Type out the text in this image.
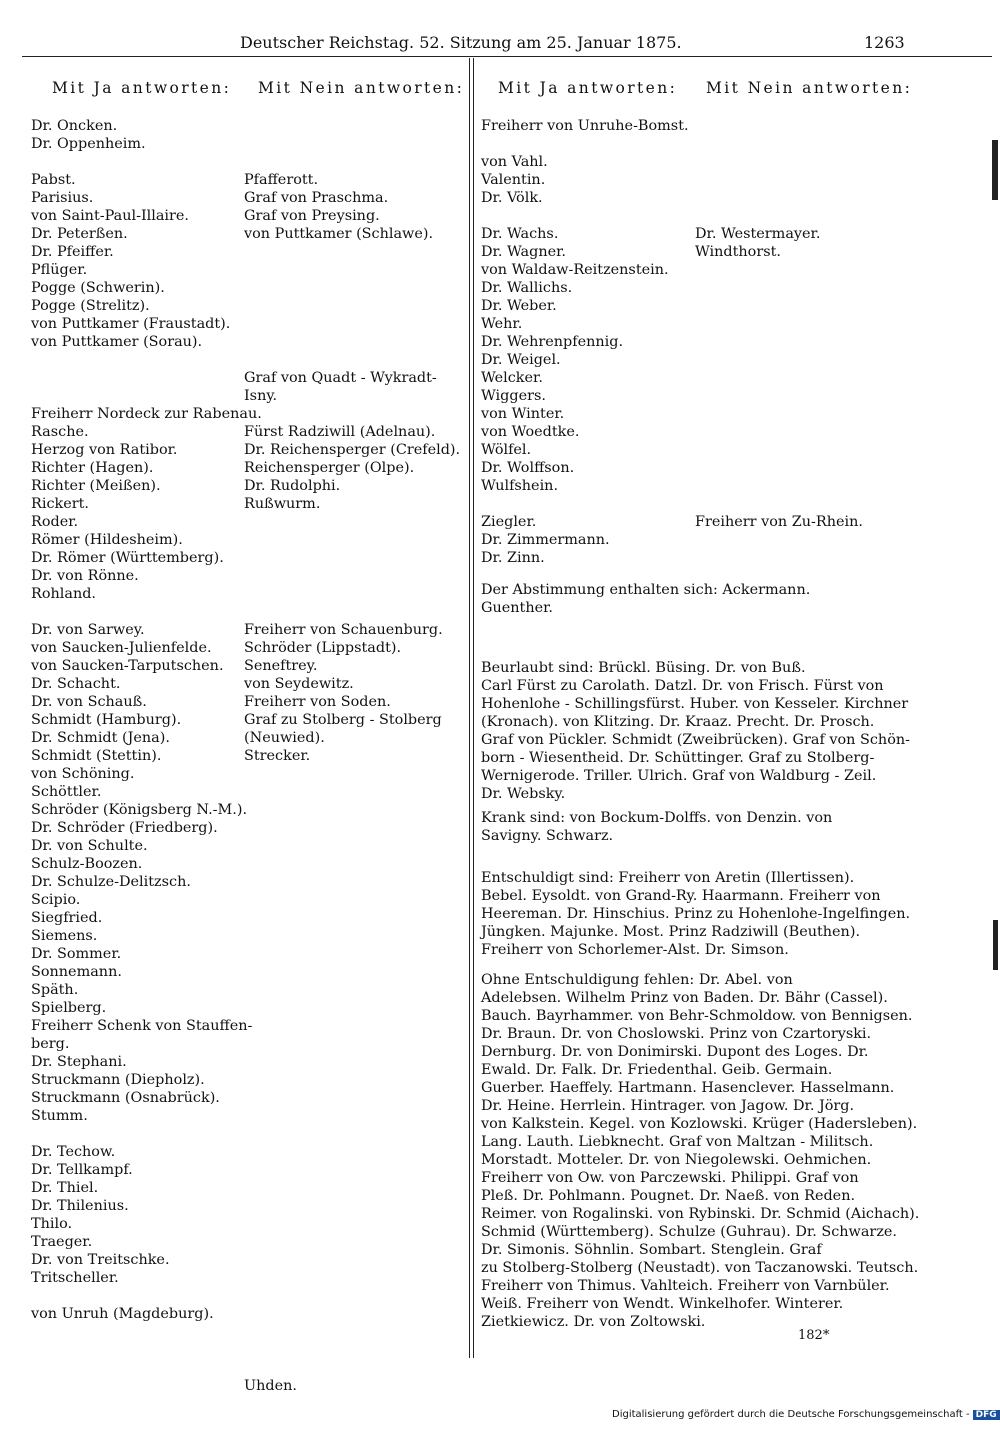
Deutscher Reichstag. 52. Sitzung am 25. Januar 1875.	1263
Mit Ja antworten: Mit Nein antworten: Mit Ja antworten: Mit Nein antworten:
Dr. Oncken.
Dr. Oppenheim.
Pabst.
Parisius.
von Saint-Paul-Illaire.
Dr. Peterßen.
Dr. Pfeiffer.
Pflüger.
Pogge (Schwerin).
Pogge (Strelitz).
von Puttkamer (Fraustadt).
von Puttkamer (Sorau).
Freiherr Nordeck zur Rabenau.
Rasche.
Herzog von Ratibor.
Richter (Hagen).
Richter (Meißen).
Rickert.
Roder.
Römer (Hildesheim).
Dr. Römer (Württemberg).
Dr. von Rönne.
Rohland.
Dr. von Sarwey.
von Saucken-Julienfelde.
von Saucken-Tarputschen.
Dr. Schacht.
Dr. von Schauß.
Schmidt (Hamburg).
Dr. Schmidt (Jena).
Schmidt (Stettin).
von Schöning.
Schöttler.
Schröder (Königsberg N.-M.).
Dr. Schröder (Friedberg).
Dr. von Schulte.
Schulz-Boozen.
Dr. Schulze-Delitzsch.
Scipio.
Siegfried.
Siemens.
Dr. Sommer.
Sonnemann.
Späth.
Spielberg.
Freiherr Schenk von Stauffen-
berg.
Dr. Stephani.
Struckmann (Diepholz).
Struckmann (Osnabrück).
Stumm.
Dr. Techow.
Dr. Tellkampf.
Dr. Thiel.
Dr. Thilenius.
Thilo.
Traeger.
Dr. von Treitschke.
Tritscheller.
von Unruh (Magdeburg).
Pfafferott.
Graf von Praschma.
Graf von Preysing.
von Puttkamer (Schlawe).
Graf von Quadt - Wykradt-
Isny.
Fürst Radziwill (Adelnau).
Dr. Reichensperger (Crefeld).
Reichensperger (Olpe).
Dr. Rudolphi.
Rußwurm.
Freiherr von Schauenburg.
Schröder (Lippstadt).
Seneftrey.
von Seydewitz.
Freiherr von Soden.
Graf zu Stolberg - Stolberg
(Neuwied).
Strecker.
Uhden.
Freiherr von Unruhe-Bomst.
von Vahl.
Valentin.
Dr. Völk.
Dr. Wachs.
Dr. Wagner.
von Waldaw-Reitzenstein.
Dr. Wallichs.
Dr. Weber.
Wehr.
Dr. Wehrenpfennig.
Dr. Weigel.
Welcker.
Wiggers.
von Winter.
von Woedtke.
Wölfel.
Dr. Wolffson.
Wulfshein.
Ziegler.
Dr. Zimmermann.
Dr. Zinn.
Dr. Westermayer.
Windthorst.
Freiherr von Zu-Rhein.
Der Abstimmung enthalten sich: Ackermann.
Guenther.
Beurlaubt sind: Brückl. Büsing. Dr. von Buß.
Carl Fürst zu Carolath. Datzl. Dr. von Frisch. Fürst von
Hohenlohe - Schillingsfürst. Huber. von Kesseler. Kirchner
(Kronach). von Klitzing. Dr. Kraaz. Precht. Dr. Prosch.
Graf von Pückler. Schmidt (Zweibrücken). Graf von Schön-
born - Wiesentheid. Dr. Schüttinger. Graf zu Stolberg-
Wernigerode. Triller. Ulrich. Graf von Waldburg - Zeil.
Dr. Websky.
Krank sind: von Bockum-Dolffs. von Denzin. von
Savigny. Schwarz.
Entschuldigt sind: Freiherr von Aretin (Illertissen).
Bebel. Eysoldt. von Grand-Ry. Haarmann. Freiherr von
Heereman. Dr. Hinschius. Prinz zu Hohenlohe-Ingelfingen.
Jüngken. Majunke. Most. Prinz Radziwill (Beuthen).
Freiherr von Schorlemer-Alst. Dr. Simson.
Ohne Entschuldigung fehlen: Dr. Abel. von
Adelebsen. Wilhelm Prinz von Baden. Dr. Bähr (Cassel).
Bauch. Bayrhammer. von Behr-Schmoldow. von Bennigsen.
Dr. Braun. Dr. von Choslowski. Prinz von Czartoryski.
Dernburg. Dr. von Donimirski. Dupont des Loges. Dr.
Ewald. Dr. Falk. Dr. Friedenthal. Geib. Germain.
Guerber. Haeffely. Hartmann. Hasenclever. Hasselmann.
Dr. Heine. Herrlein. Hintrager. von Jagow. Dr. Jörg.
von Kalkstein. Kegel. von Kozlowski. Krüger (Hadersleben).
Lang. Lauth. Liebknecht. Graf von Maltzan - Militsch.
Morstadt. Motteler. Dr. von Niegolewski. Oehmichen.
Freiherr von Ow. von Parczewski. Philippi. Graf von
Pleß. Dr. Pohlmann. Pougnet. Dr. Naeß. von Reden.
Reimer. von Rogalinski. von Rybinski. Dr. Schmid (Aichach).
Schmid (Württemberg). Schulze (Guhrau). Dr. Schwarze.
Dr. Simonis. Söhnlin. Sombart. Stenglein. Graf
zu Stolberg-Stolberg (Neustadt). von Taczanowski. Teutsch.
Freiherr von Thimus. Vahlteich. Freiherr von Varnbüler.
Weiß. Freiherr von Wendt. Winkelhofer. Winterer.
Zietkiewicz. Dr. von Zoltowski.
182*
Digitalisierung gefördert durch die Deutsche Forschungsgemeinschaft - DFG
